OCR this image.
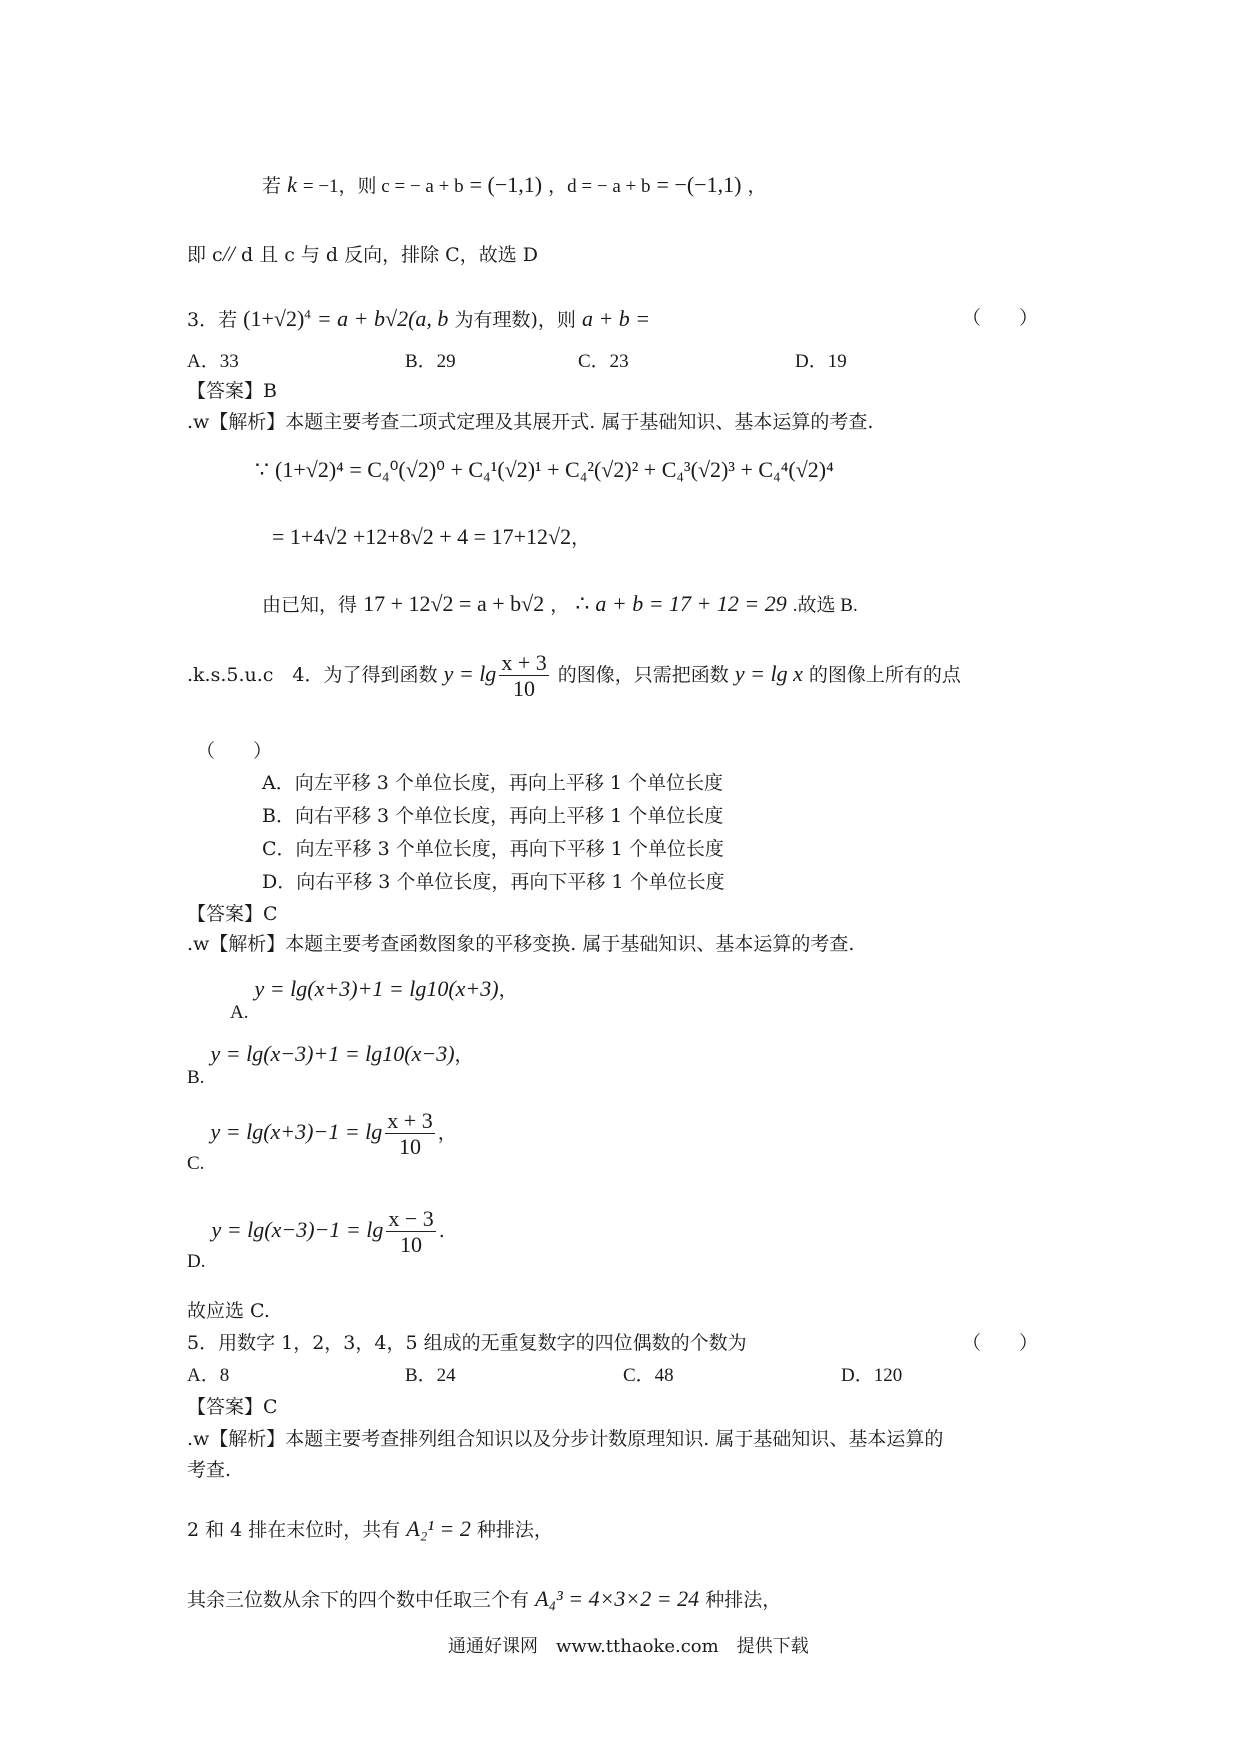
若 k = −1，则 c = − a + b = (−1,1) ，d = − a + b = −(−1,1) ，
即 c// d 且 c 与 d 反向，排除 C，故选 D
3．若 $(1+√2)^4 = a + b√2(a$, b 为有理数)，则 a + b =	（　　）
A．33	B．29	C．23	D．19
【答案】B
.w【解析】本题主要考查二项式定理及其展开式. 属于基础知识、基本运算的考查.
∵ (1+√2)⁴ = C₄⁰(√2)⁰ + C₄¹(√2)¹ + C₄²(√2)² + C₄³(√2)³ + C₄⁴(√2)⁴
= 1+4√2 +12+8√2 + 4 = 17+12√2，
由已知，得 17 + 12√2 = a + b√2 ， ∴ a + b = 17 + 12 = 29 .故选 B.
.k.s.5.u.c　4．为了得到函数 $y = \lg \frac{x + 3}{10}$ 的图像，只需把函数 y = lg x 的图像上所有的点
（　　）
A．向左平移 3 个单位长度，再向上平移 1 个单位长度
B．向右平移 3 个单位长度，再向上平移 1 个单位长度
C．向左平移 3 个单位长度，再向下平移 1 个单位长度
D．向右平移 3 个单位长度，再向下平移 1 个单位长度
【答案】C
.w【解析】本题主要考查函数图象的平移变换. 属于基础知识、基本运算的考查.
A. y = lg(x+3)+1 = lg10(x+3)，
B. y = lg(x−3)+1 = lg10(x−3)，
C. $y = \lg(x+3)-1 = \lg \frac{x + 3}{10}$ ，
D. $y = \lg(x-3)-1 = \lg \frac{x - 3}{10}$ .
故应选 C.
5．用数字 1，2，3，4，5 组成的无重复数字的四位偶数的个数为	（　　）
A．8	B．24	C．48	D．120
【答案】C
.w【解析】本题主要考查排列组合知识以及分步计数原理知识. 属于基础知识、基本运算的
考查.
2 和 4 排在末位时，共有 A₂¹ = 2 种排法，
其余三位数从余下的四个数中任取三个有 A₄³ = 4×3×2 = 24 种排法，
通通好课网　www.tthaoke.com　提供下载
